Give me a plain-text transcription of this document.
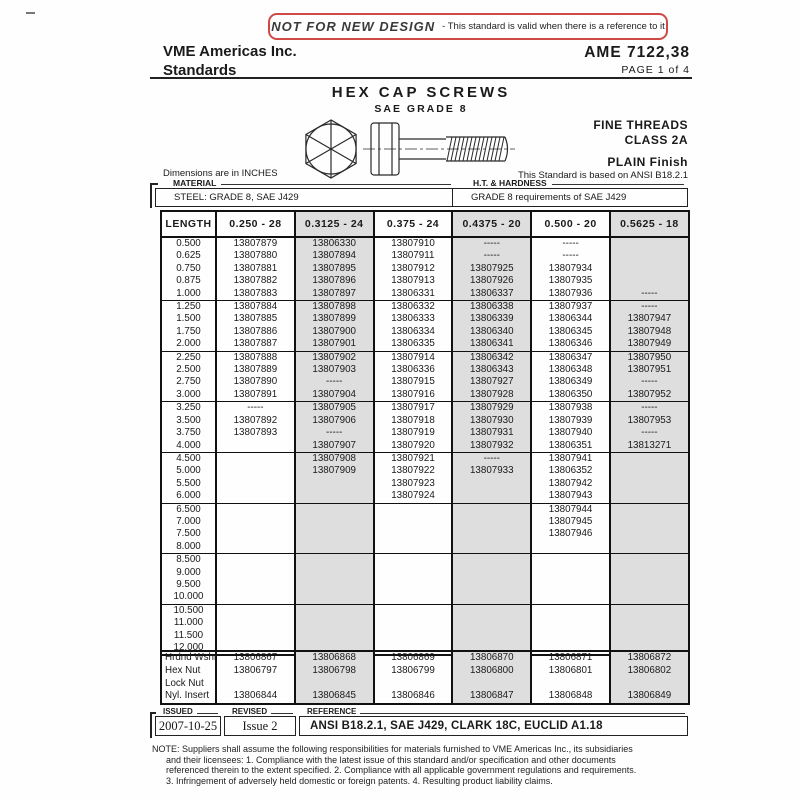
NOT FOR NEW DESIGN - This standard is valid when there is a reference to it
VME Americas Inc.
Standards
AME 7122,38
PAGE 1 of 4
HEX CAP SCREWS
SAE GRADE 8
FINE THREADS
CLASS 2A
PLAIN Finish
Dimensions are in INCHES	This Standard is based on ANSI B18.2.1
MATERIAL	H.T. & HARDNESS
STEEL: GRADE 8, SAE J429	GRADE 8 requirements of SAE J429
LENGTH	0.250 - 28	0.3125 - 24	0.375 - 24	0.4375 - 20	0.500 - 20	0.5625 - 18
0.500	13807879	13806330	13807910	-----	-----	
0.625	13807880	13807894	13807911	-----	-----	
0.750	13807881	13807895	13807912	13807925	13807934	
0.875	13807882	13807896	13807913	13807926	13807935	
1.000	13807883	13807897	13806331	13806337	13807936	-----
1.250	13807884	13807898	13806332	13806338	13807937	-----
1.500	13807885	13807899	13806333	13806339	13806344	13807947
1.750	13807886	13807900	13806334	13806340	13806345	13807948
2.000	13807887	13807901	13806335	13806341	13806346	13807949
2.250	13807888	13807902	13807914	13806342	13806347	13807950
2.500	13807889	13807903	13806336	13806343	13806348	13807951
2.750	13807890	-----	13807915	13807927	13806349	-----
3.000	13807891	13807904	13807916	13807928	13806350	13807952
3.250	-----	13807905	13807917	13807929	13807938	-----
3.500	13807892	13807906	13807918	13807930	13807939	13807953
3.750	13807893	-----	13807919	13807931	13807940	-----
4.000		13807907	13807920	13807932	13806351	13813271
4.500		13807908	13807921	-----	13807941	
5.000		13807909	13807922	13807933	13806352	
5.500			13807923		13807942	
6.000			13807924		13807943	
6.500					13807944	
7.000					13807945	
7.500					13807946	
8.000						
8.500						
9.000						
9.500						
10.000						
10.500						
11.000						
11.500						
12.000						
Hrdnd Wshr	13806867	13806868	13806869	13806870	13806871	13806872
Hex Nut	13806797	13806798	13806799	13806800	13806801	13806802
Lock Nut						
Nyl. Insert	13806844	13806845	13806846	13806847	13806848	13806849
ISSUED
2007-10-25
REVISED
Issue 2
REFERENCE
ANSI B18.2.1, SAE J429, CLARK 18C, EUCLID A1.18
NOTE: Suppliers shall assume the following responsibilities for materials furnished to VME Americas Inc., its subsidiaries
and their licensees: 1. Compliance with the latest issue of this standard and/or specification and other documents
referenced therein to the extent specified. 2. Compliance with all applicable government regulations and requirements.
3. Infringement of adversely held domestic or foreign patents. 4. Resulting product liability claims.
